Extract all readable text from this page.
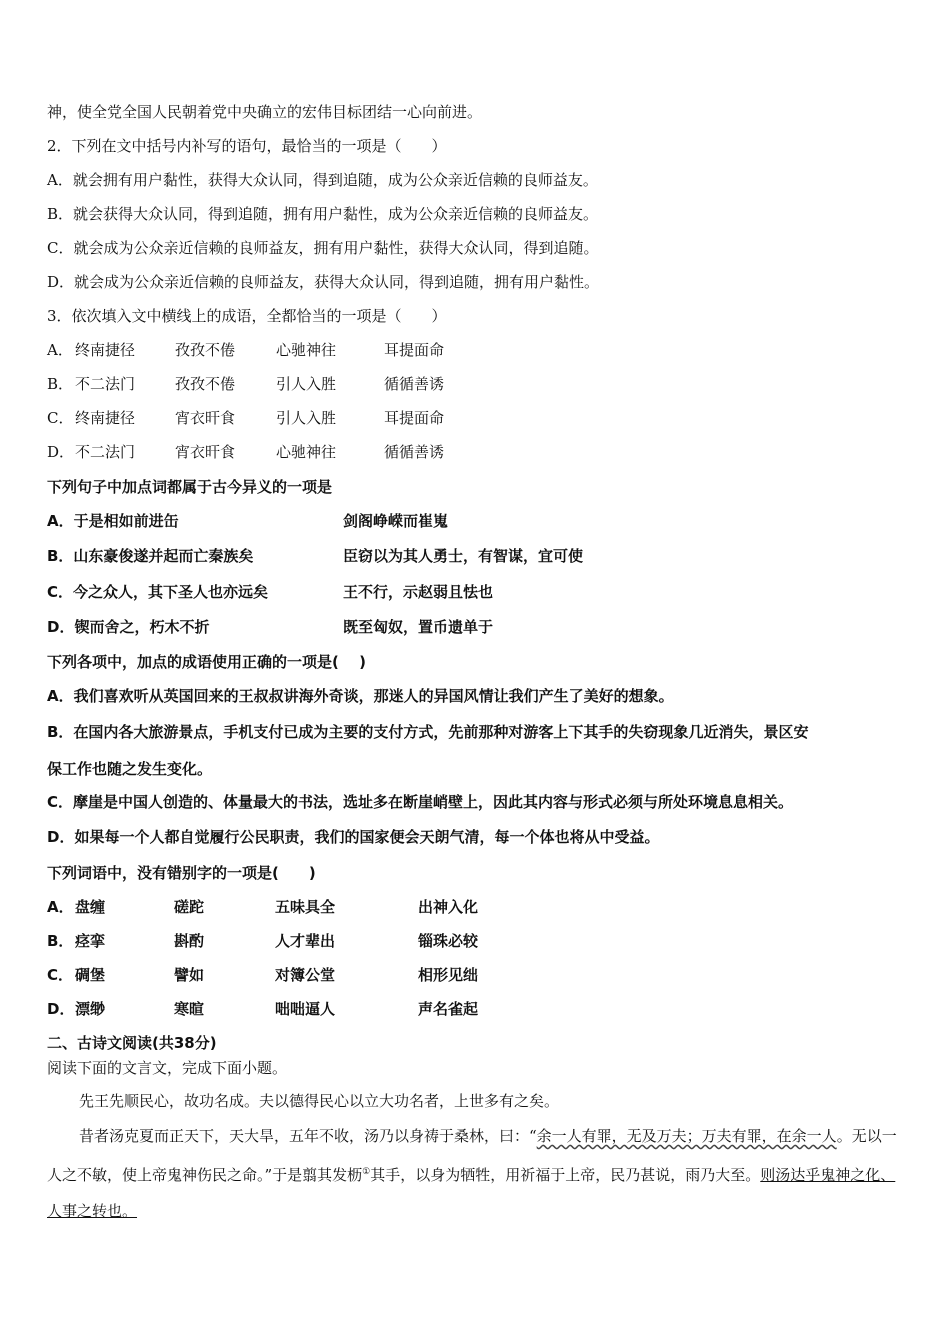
神，使全党全国人民朝着党中央确立的宏伟目标团结一心向前进。
2．下列在文中括号内补写的语句，最恰当的一项是（　　）
A．就会拥有用户黏性，获得大众认同，得到追随，成为公众亲近信赖的良师益友。
B．就会获得大众认同，得到追随，拥有用户黏性，成为公众亲近信赖的良师益友。
C．就会成为公众亲近信赖的良师益友，拥有用户黏性，获得大众认同，得到追随。
D．就会成为公众亲近信赖的良师益友，获得大众认同，得到追随，拥有用户黏性。
3．依次填入文中横线上的成语，全都恰当的一项是（　　）
A． 终南捷径	孜孜不倦	心驰神往	耳提面命
B． 不二法门	孜孜不倦	引人入胜	循循善诱
C． 终南捷径	宵衣旰食	引人入胜	耳提面命
D． 不二法门	宵衣旰食	心驰神往	循循善诱
下列句子中加点词都属于古今异义的一项是
A．于是相如前进缶	剑阁峥嵘而崔嵬
B．山东豪俊遂并起而亡秦族矣	臣窃以为其人勇士，有智谋，宜可使
C．今之众人，其下圣人也亦远矣	王不行，示赵弱且怯也
D．锲而舍之，朽木不折	既至匈奴，置币遗单于
下列各项中，加点的成语使用正确的一项是(　 )
A．我们喜欢听从英国回来的王叔叔讲海外奇谈，那迷人的异国风情让我们产生了美好的想象。
B．在国内各大旅游景点，手机支付已成为主要的支付方式，先前那种对游客上下其手的失窃现象几近消失，景区安
保工作也随之发生变化。
C．摩崖是中国人创造的、体量最大的书法，选址多在断崖峭壁上，因此其内容与形式必须与所处环境息息相关。
D．如果每一个人都自觉履行公民职责，我们的国家便会天朗气清，每一个体也将从中受益。
下列词语中，没有错别字的一项是(　　)
A． 盘缠	磋跎	五味具全	出神入化
B． 痉挛	斟酌	人才辈出	锱珠必较
C． 碉堡	譬如	对簿公堂	相形见绌
D． 漂缈	寒暄	咄咄逼人	声名雀起
二、古诗文阅读(共38分)
阅读下面的文言文，完成下面小题。
先王先顺民心，故功名成。夫以德得民心以立大功名者，上世多有之矣。
昔者汤克夏而正天下，天大旱，五年不收，汤乃以身祷于桑林，曰：“余一人有罪，无及万夫；万夫有罪，在余一人。无以一人之不敏，使上帝鬼神伤民之命。”于是翦其发枥①其手，以身为牺牲，用祈福于上帝，民乃甚说，雨乃大至。则汤达乎鬼神之化、人事之转也。
